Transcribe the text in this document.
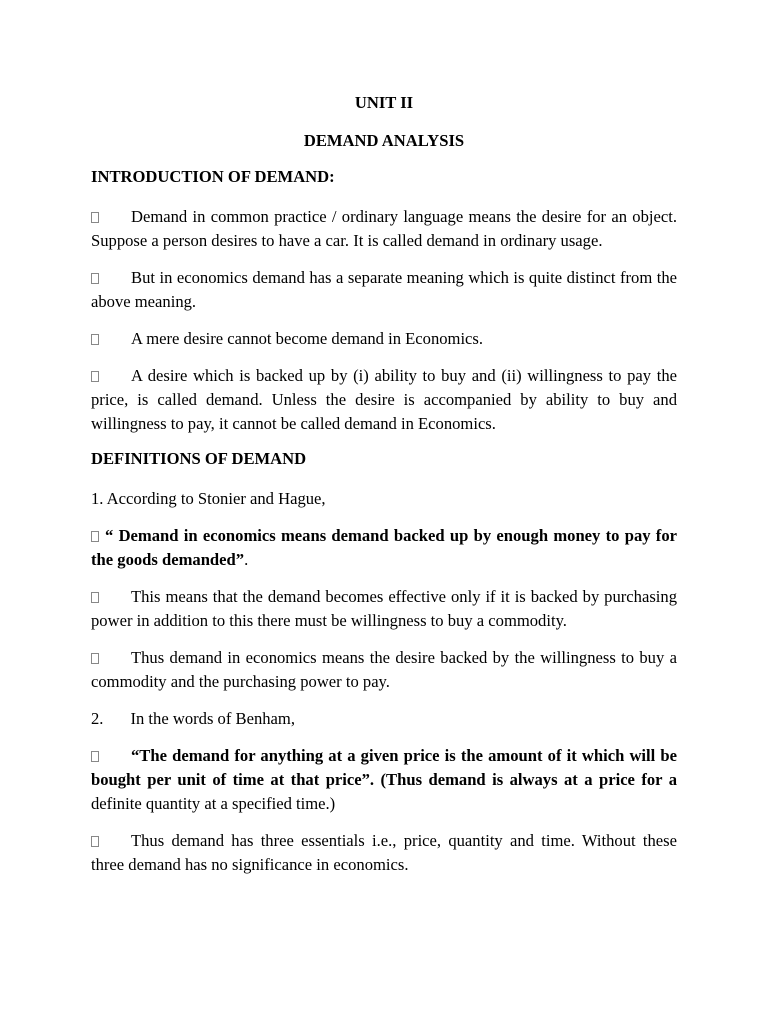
UNIT II
DEMAND ANALYSIS
INTRODUCTION OF DEMAND:

Demand in common practice / ordinary language means the desire for an object. Suppose a person desires to have a car. It is called demand in ordinary usage.

But in economics demand has a separate meaning which is quite distinct from the above meaning.

A mere desire cannot become demand in Economics.

A desire which is backed up by (i) ability to buy and (ii) willingness to pay the price, is called demand. Unless the desire is accompanied by ability to buy and willingness to pay, it cannot be called demand in Economics.

DEFINITIONS OF DEMAND

1. According to Stonier and Hague,

“ Demand in economics means demand backed up by enough money to pay for the goods demanded”.

This means that the demand becomes effective only if it is backed by purchasing power in addition to this there must be willingness to buy a commodity.

Thus demand in economics means the desire backed by the willingness to buy a commodity and the purchasing power to pay.

2. In the words of Benham,

“The demand for anything at a given price is the amount of it which will be bought per unit of time at that price”. (Thus demand is always at a price for a definite quantity at a specified time.)

Thus demand has three essentials i.e., price, quantity and time. Without these three demand has no significance in economics.
